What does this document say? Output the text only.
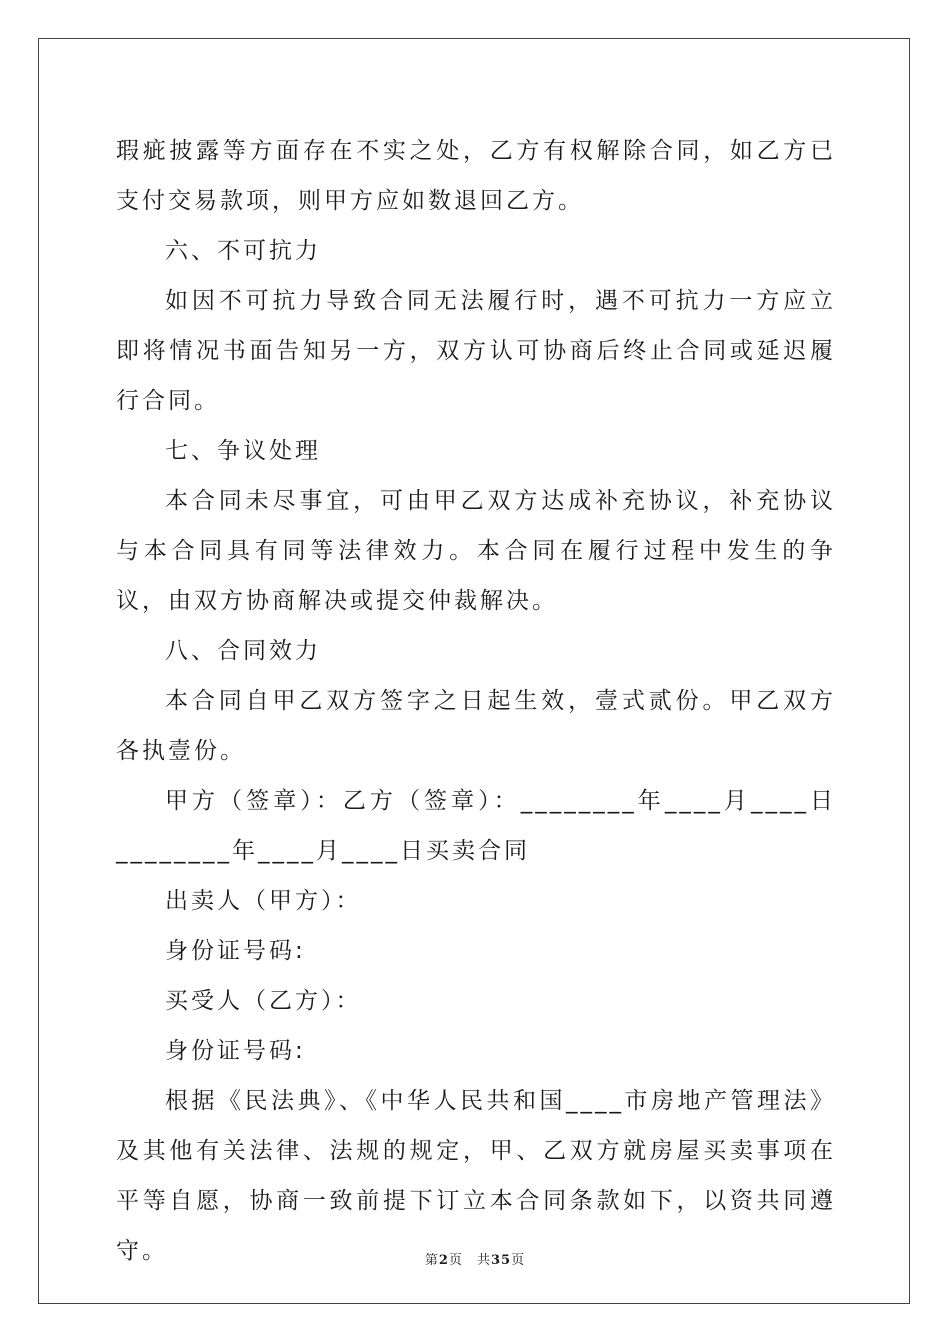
瑕疵披露等方面存在不实之处，乙方有权解除合同，如乙方已支付交易款项，则甲方应如数退回乙方。

六、不可抗力

如因不可抗力导致合同无法履行时，遇不可抗力一方应立即将情况书面告知另一方，双方认可协商后终止合同或延迟履行合同。

七、争议处理

本合同未尽事宜，可由甲乙双方达成补充协议，补充协议与本合同具有同等法律效力。本合同在履行过程中发生的争议，由双方协商解决或提交仲裁解决。

八、合同效力

本合同自甲乙双方签字之日起生效，壹式贰份。甲乙双方各执壹份。

甲方（签章）：乙方（签章）：________年____月____日________年____月____日买卖合同

出卖人（甲方）：

身份证号码:

买受人（乙方）：

身份证号码:

根据《民法典》、《中华人民共和国____市房地产管理法》及其他有关法律、法规的规定，甲、乙双方就房屋买卖事项在平等自愿，协商一致前提下订立本合同条款如下，以资共同遵守。	第2页 共35页
